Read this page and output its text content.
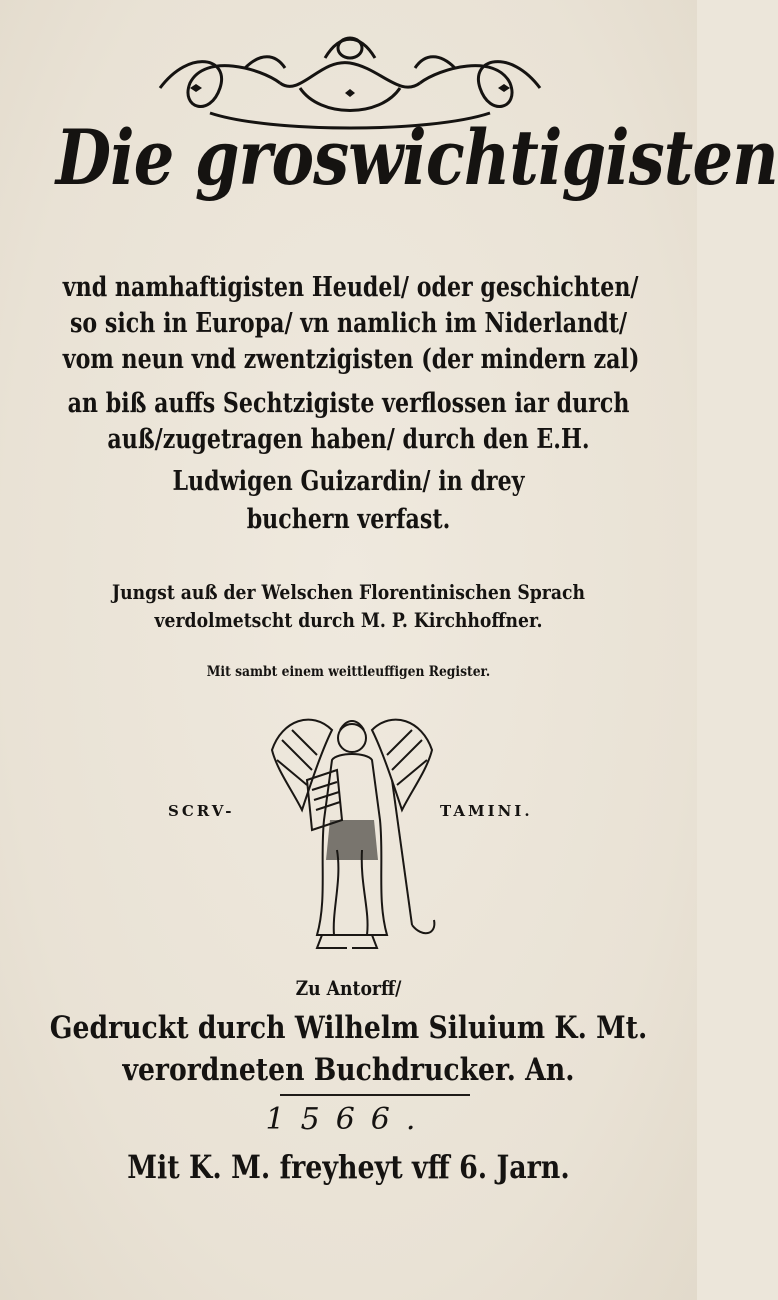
Die groswichtigisten
vnd namhaftigisten Heudel/ oder geschichten/
so sich in Europa/ vn namlich im Niderlandt/
vom neun vnd zwentzigisten (der mindern zal)
an biß auffs Sechtzigiste verflossen iar durch
auß/zugetragen haben/ durch den E.H.
Ludwigen Guizardin/ in drey
buchern verfast.
Jungst auß der Welschen Florentinischen Sprach
verdolmetscht durch M. P. Kirchhoffner.
Mit sambt einem weittleuffigen Register.
SCRV-	TAMINI.
Zu Antorff/
Gedruckt durch Wilhelm Siluium K. Mt.
verordneten Buchdrucker. An.
1566.
Mit K. M. freyheyt vff 6. Jarn.
